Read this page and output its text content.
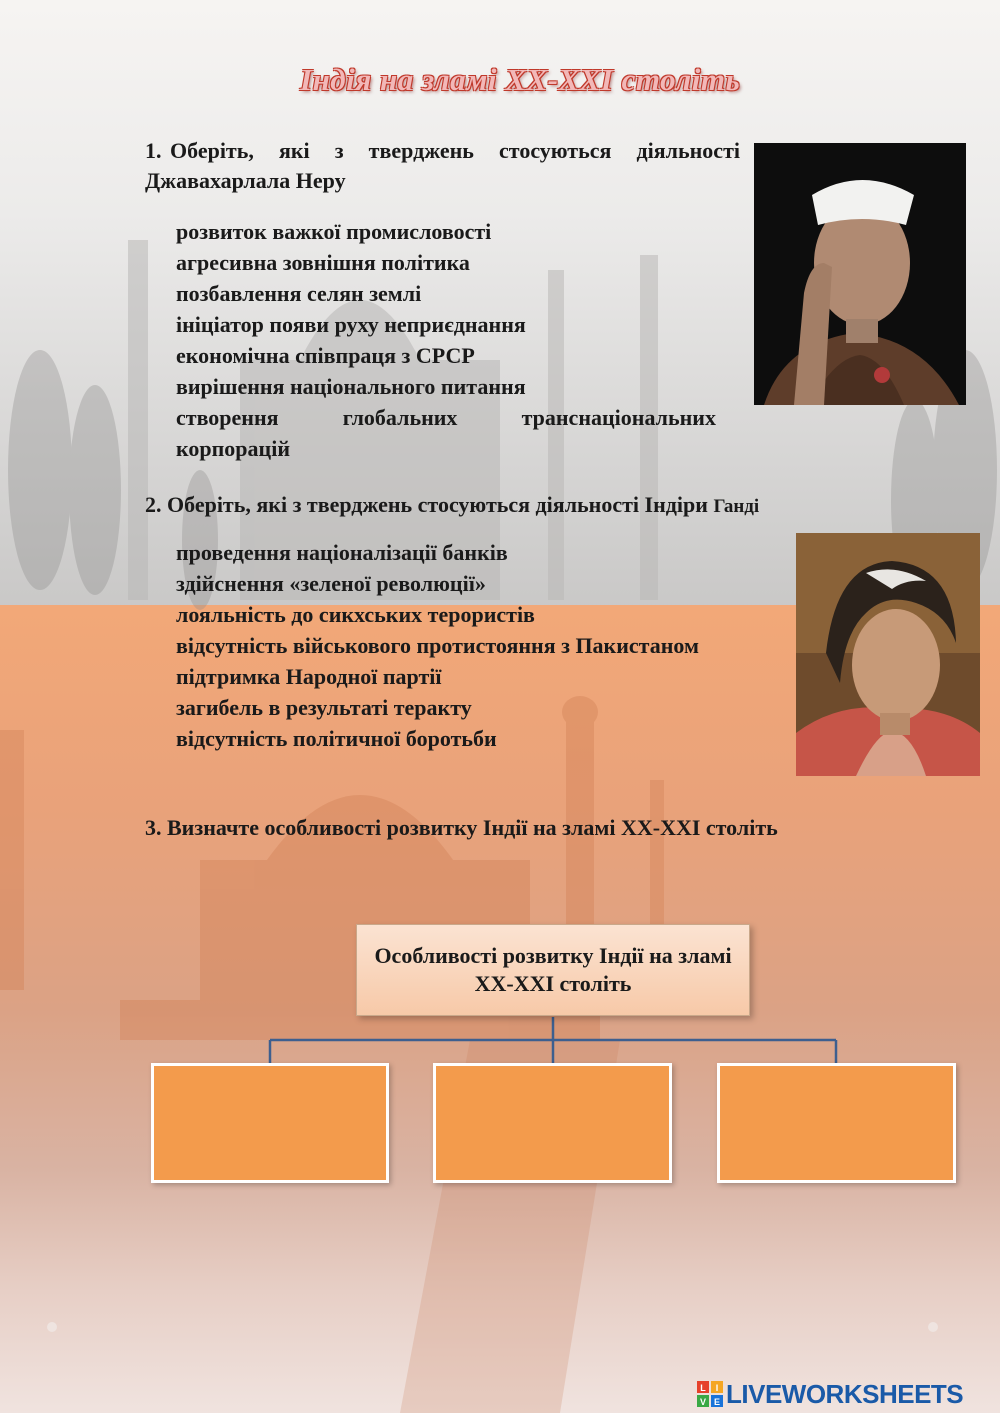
Індія на зламі ХХ-ХХІ століть
1. Оберіть, які з тверджень стосуються діяльності Джавахарлала Неру
розвиток важкої промисловості
агресивна зовнішня політика
позбавлення селян землі
ініціатор появи руху неприєднання
економічна співпраця з СРСР
вирішення національного питання
створення глобальних транснаціональних корпорацій
2. Оберіть, які з тверджень стосуються діяльності Індіри Ганді
проведення націоналізації банків
здійснення «зеленої революції»
лояльність до сикхських терористів
відсутність військового протистояння з Пакистаном
підтримка Народної партії
загибель в результаті теракту
відсутність політичної боротьби
3. Визначте особливості розвитку Індії на зламі ХХ-ХХІ століть
Особливості розвитку Індії на зламі ХХ-ХХІ століть
L I
V E LIVEWORKSHEETS
